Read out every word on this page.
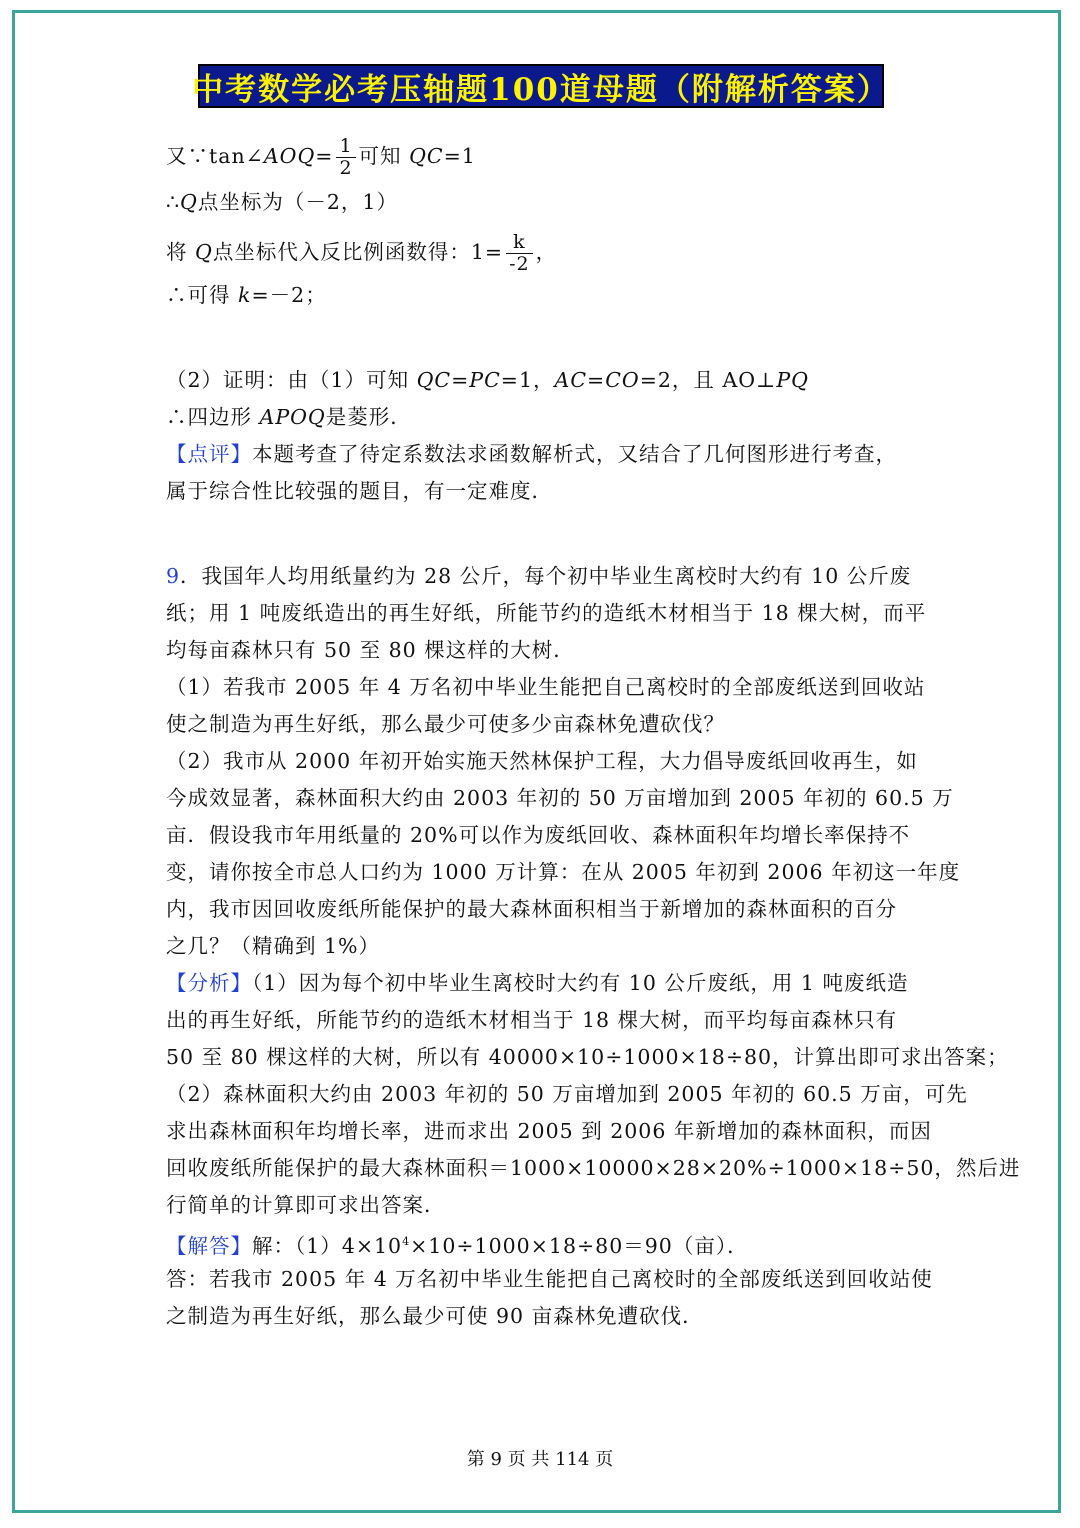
中考数学必考压轴题100道母题（附解析答案）
又∵tan∠AOQ= $\frac{1}{2}$ 可知 QC=1
∴Q点坐标为（－2，1）
将 Q点坐标代入反比例函数得：$1= \frac{k}{-2}$ ，
∴可得 k=－2；
（2）证明：由（1）可知 QC=PC=1，AC=CO=2，且 AO⊥PQ
∴四边形 APOQ是菱形．
【点评】本题考查了待定系数法求函数解析式，又结合了几何图形进行考查，
属于综合性比较强的题目，有一定难度．
9．我国年人均用纸量约为 28 公斤，每个初中毕业生离校时大约有 10 公斤废
纸；用 1 吨废纸造出的再生好纸，所能节约的造纸木材相当于 18 棵大树，而平
均每亩森林只有 50 至 80 棵这样的大树．
（1）若我市 2005 年 4 万名初中毕业生能把自己离校时的全部废纸送到回收站
使之制造为再生好纸，那么最少可使多少亩森林免遭砍伐？
（2）我市从 2000 年初开始实施天然林保护工程，大力倡导废纸回收再生，如
今成效显著，森林面积大约由 2003 年初的 50 万亩增加到 2005 年初的 60.5 万
亩．假设我市年用纸量的 20%可以作为废纸回收、森林面积年均增长率保持不
变，请你按全市总人口约为 1000 万计算：在从 2005 年初到 2006 年初这一年度
内，我市因回收废纸所能保护的最大森林面积相当于新增加的森林面积的百分
之几？（精确到 1%）
【分析】（1）因为每个初中毕业生离校时大约有 10 公斤废纸，用 1 吨废纸造
出的再生好纸，所能节约的造纸木材相当于 18 棵大树，而平均每亩森林只有
50 至 80 棵这样的大树，所以有 40000×10÷1000×18÷80，计算出即可求出答案；
（2）森林面积大约由 2003 年初的 50 万亩增加到 2005 年初的 60.5 万亩，可先
求出森林面积年均增长率，进而求出 2005 到 2006 年新增加的森林面积，而因
回收废纸所能保护的最大森林面积＝1000×10000×28×20%÷1000×18÷50，然后进
行简单的计算即可求出答案．
【解答】解：$(1)4\times 10^4\times 10\div 1000\times 18\div 80=90$（亩）．
答：若我市 2005 年 4 万名初中毕业生能把自己离校时的全部废纸送到回收站使
之制造为再生好纸，那么最少可使 90 亩森林免遭砍伐．
第 9 页 共 114 页
